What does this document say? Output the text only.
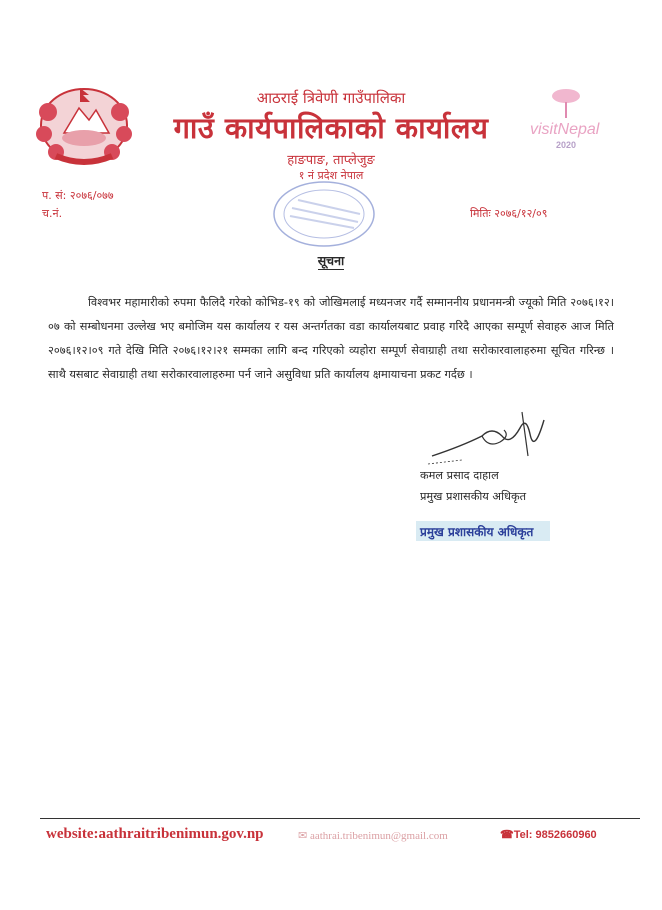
visitNepal
2020
आठराई त्रिवेणी गाउँपालिका
गाउँ कार्यपालिकाको कार्यालय
हाङपाङ, ताप्लेजुङ
१ नं प्रदेश नेपाल
प. सं: २०७६/०७७
च.नं.	मितिः २०७६/१२/०९
सूचना

विश्वभर महामारीको रुपमा फैलिदै गरेको कोभिड-१९ को जोखिमलाई मध्यनजर गर्दै सम्माननीय प्रधानमन्त्री ज्यूको मिति २०७६।१२।०७ को सम्बोधनमा उल्लेख भए बमोजिम यस कार्यालय र यस अन्तर्गतका वडा कार्यालयबाट प्रवाह गरिदै आएका सम्पूर्ण सेवाहरु आज मिति २०७६।१२।०९ गते देखि मिति २०७६।१२।२१ सम्मका लागि बन्द गरिएको व्यहोरा सम्पूर्ण सेवाग्राही तथा सरोकारवालाहरुमा सूचित गरिन्छ । साथै यसबाट सेवाग्राही तथा सरोकारवालाहरुमा पर्न जाने असुविधा प्रति कार्यालय क्षमायाचना प्रकट गर्दछ ।

कमल प्रसाद दाहाल
प्रमुख प्रशासकीय अधिकृत
प्रमुख प्रशासकीय अधिकृत
website:aathraitribenimun.gov.np	✉ aathrai.tribenimun@gmail.com	☎Tel: 9852660960
